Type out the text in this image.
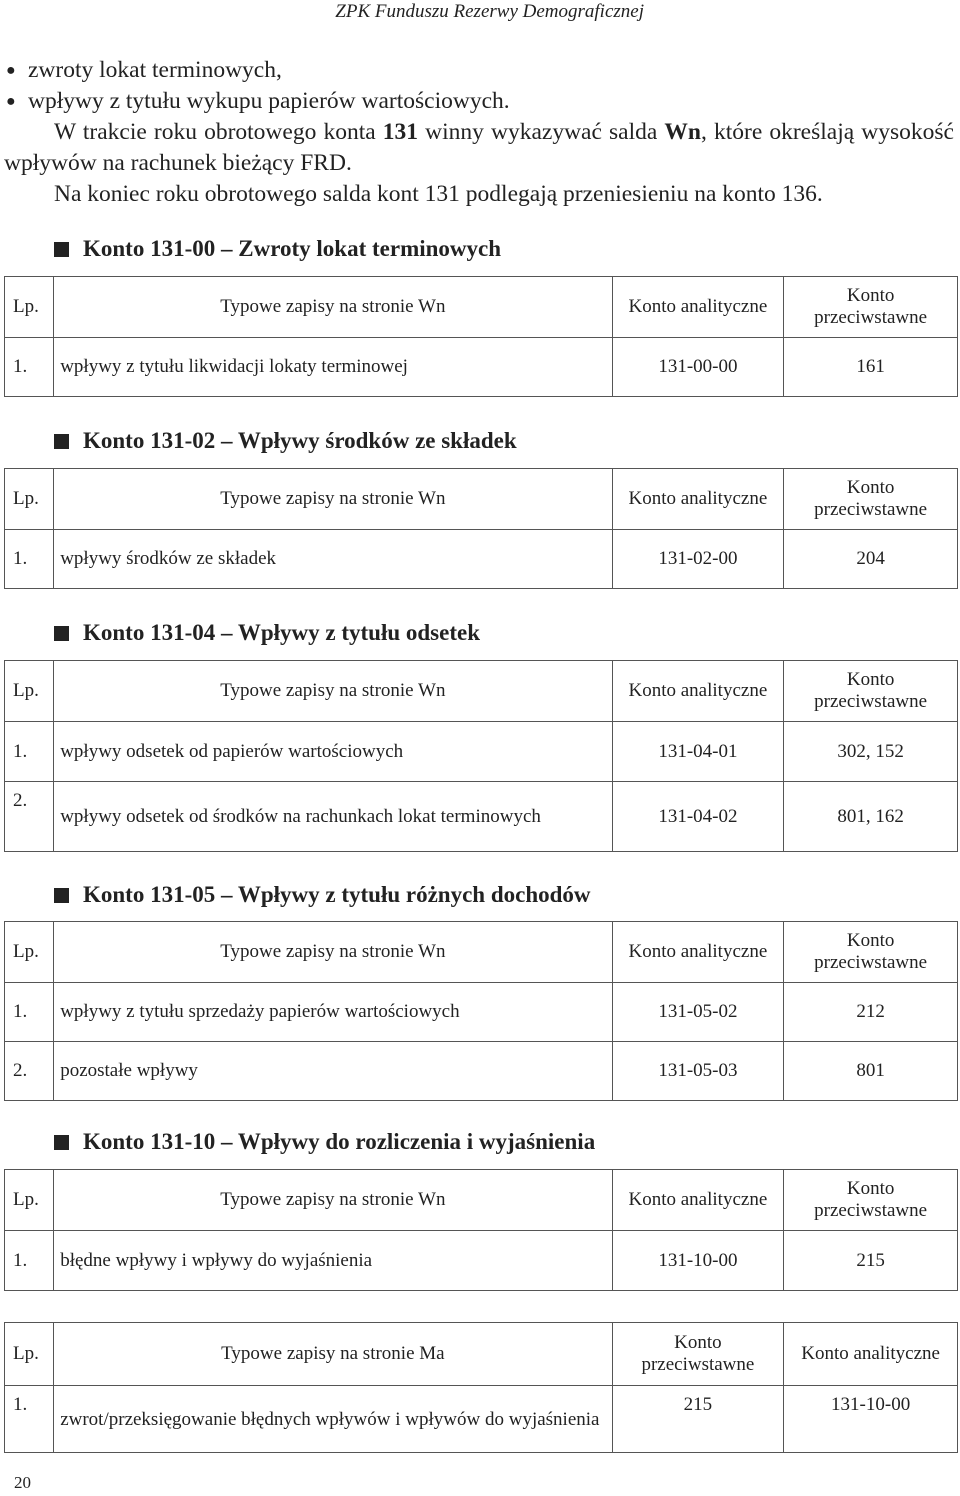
ZPK Funduszu Rezerwy Demograficznej

● zwroty lokat terminowych,

● wpływy z tytułu wykupu papierów wartościowych.

W trakcie roku obrotowego konta 131 winny wykazywać salda Wn, które określają wysokość wpływów na rachunek bieżący FRD.

Na koniec roku obrotowego salda kont 131 podlegają przeniesieniu na konto 136.

Konto 131-00 – Zwroty lokat terminowych
Lp.	Typowe zapisy na stronie Wn	Konto analityczne	Konto przeciwstawne
1.	wpływy z tytułu likwidacji lokaty terminowej	131-00-00	161
Konto 131-02 – Wpływy środków ze składek
Lp.	Typowe zapisy na stronie Wn	Konto analityczne	Konto przeciwstawne
1.	wpływy środków ze składek	131-02-00	204
Konto 131-04 – Wpływy z tytułu odsetek
Lp.	Typowe zapisy na stronie Wn	Konto analityczne	Konto przeciwstawne
1.	wpływy odsetek od papierów wartościowych	131-04-01	302, 152
2.	wpływy odsetek od środków na rachunkach lokat terminowych	131-04-02	801, 162
Konto 131-05 – Wpływy z tytułu różnych dochodów
Lp.	Typowe zapisy na stronie Wn	Konto analityczne	Konto przeciwstawne
1.	wpływy z tytułu sprzedaży papierów wartościowych	131-05-02	212
2.	pozostałe wpływy	131-05-03	801
Konto 131-10 – Wpływy do rozliczenia i wyjaśnienia
Lp.	Typowe zapisy na stronie Wn	Konto analityczne	Konto przeciwstawne
1.	błędne wpływy i wpływy do wyjaśnienia	131-10-00	215
Lp.	Typowe zapisy na stronie Ma	Konto przeciwstawne	Konto analityczne
1.	zwrot/przeksięgowanie błędnych wpływów i wpływów do wyjaśnienia	215	131-10-00
20
